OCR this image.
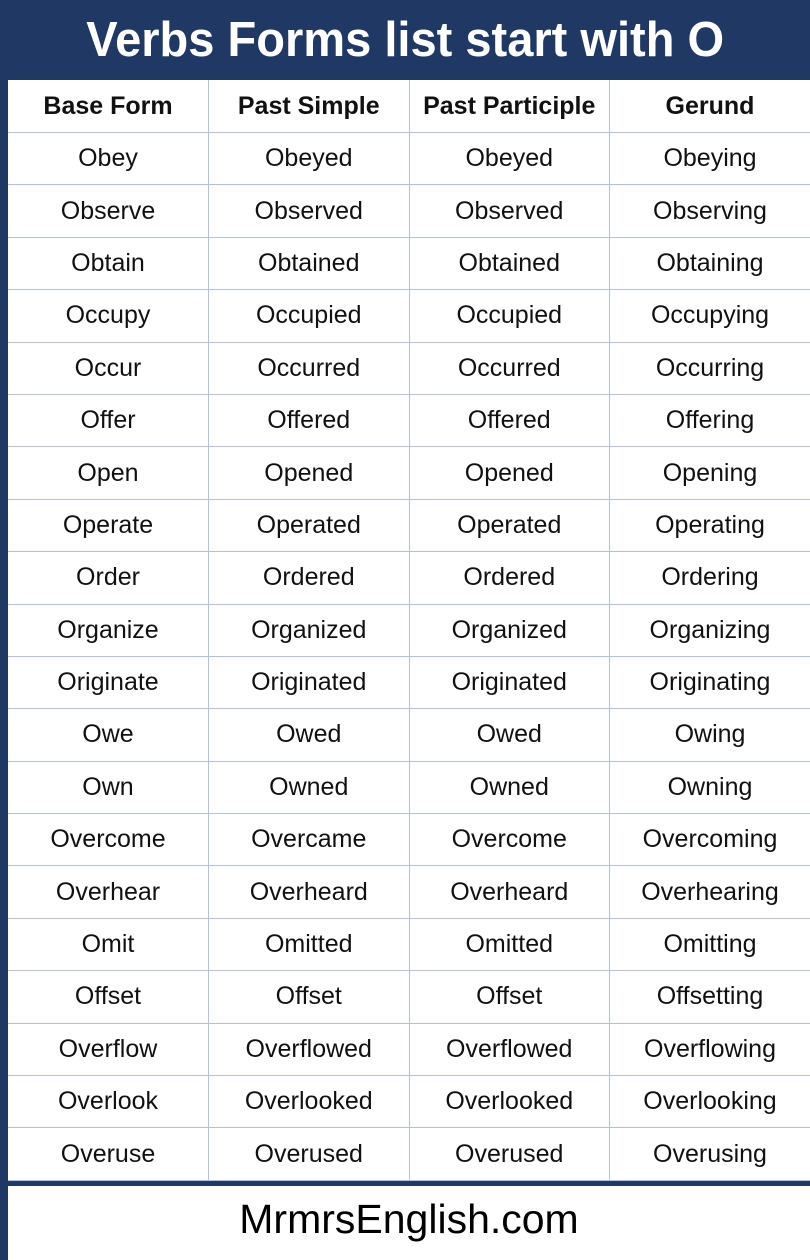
Verbs Forms list start with O
Base Form	Past Simple	Past Participle	Gerund
Obey	Obeyed	Obeyed	Obeying
Observe	Observed	Observed	Observing
Obtain	Obtained	Obtained	Obtaining
Occupy	Occupied	Occupied	Occupying
Occur	Occurred	Occurred	Occurring
Offer	Offered	Offered	Offering
Open	Opened	Opened	Opening
Operate	Operated	Operated	Operating
Order	Ordered	Ordered	Ordering
Organize	Organized	Organized	Organizing
Originate	Originated	Originated	Originating
Owe	Owed	Owed	Owing
Own	Owned	Owned	Owning
Overcome	Overcame	Overcome	Overcoming
Overhear	Overheard	Overheard	Overhearing
Omit	Omitted	Omitted	Omitting
Offset	Offset	Offset	Offsetting
Overflow	Overflowed	Overflowed	Overflowing
Overlook	Overlooked	Overlooked	Overlooking
Overuse	Overused	Overused	Overusing
MrmrsEnglish.com
